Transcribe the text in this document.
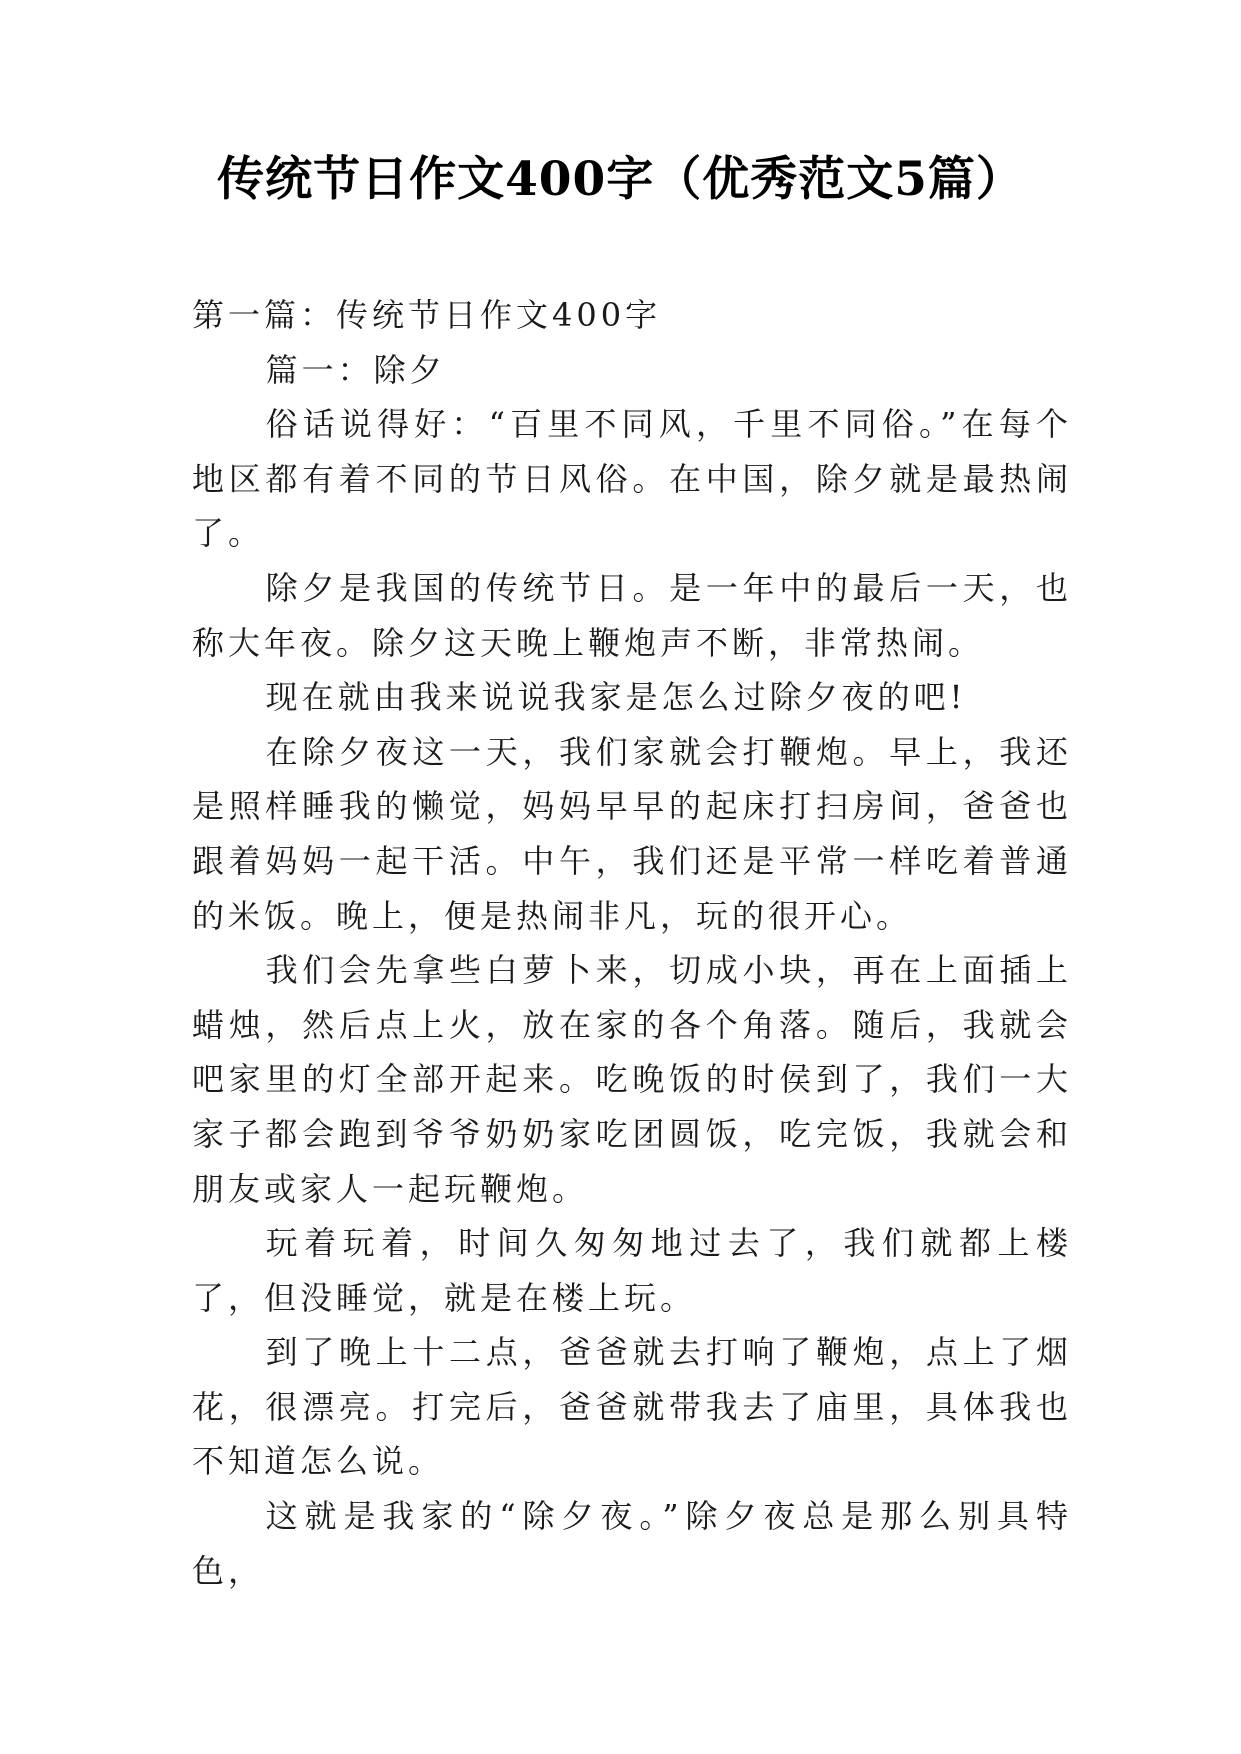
传统节日作文400字（优秀范文5篇）

第一篇：传统节日作文400字

篇一：除夕

俗话说得好：“百里不同风，千里不同俗。”在每个地区都有着不同的节日风俗。在中国，除夕就是最热闹了。

除夕是我国的传统节日。是一年中的最后一天，也称大年夜。除夕这天晚上鞭炮声不断，非常热闹。

现在就由我来说说我家是怎么过除夕夜的吧!

在除夕夜这一天，我们家就会打鞭炮。早上，我还是照样睡我的懒觉，妈妈早早的起床打扫房间，爸爸也跟着妈妈一起干活。中午，我们还是平常一样吃着普通的米饭。晚上，便是热闹非凡，玩的很开心。

我们会先拿些白萝卜来，切成小块，再在上面插上蜡烛，然后点上火，放在家的各个角落。随后，我就会吧家里的灯全部开起来。吃晚饭的时侯到了，我们一大家子都会跑到爷爷奶奶家吃团圆饭，吃完饭，我就会和朋友或家人一起玩鞭炮。

玩着玩着，时间久匆匆地过去了，我们就都上楼了，但没睡觉，就是在楼上玩。

到了晚上十二点，爸爸就去打响了鞭炮，点上了烟花，很漂亮。打完后，爸爸就带我去了庙里，具体我也不知道怎么说。

这就是我家的“除夕夜。”除夕夜总是那么别具特色，
